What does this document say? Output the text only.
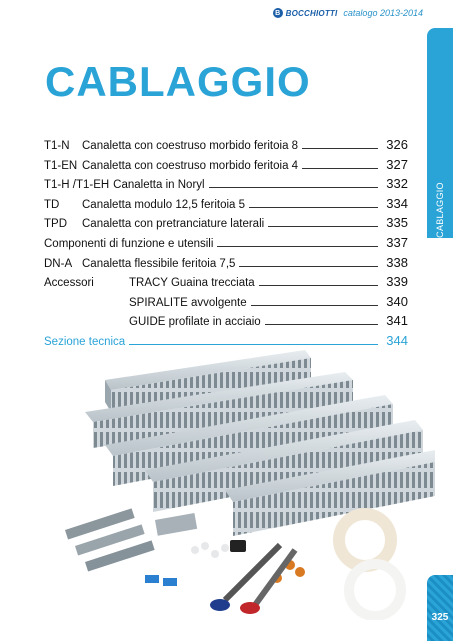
B BOCCHIOTTI catalogo 2013-2014
CABLAGGIO
325
CABLAGGIO
T1-N	Canaletta con coestruso morbido feritoia 8	326
T1-EN Canaletta con coestruso morbido feritoia 4	327
T1-H /T1-EH Canaletta in Noryl	332
TD	Canaletta modulo 12,5 feritoia 5	334
TPD	Canaletta con pretranciature laterali	335
Componenti di funzione e utensili	337
DN-A Canaletta flessibile feritoia 7,5	338
Accessori	TRACY Guaina trecciata	339
SPIRALITE avvolgente	340
GUIDE profilate in acciaio	341
Sezione tecnica	344
